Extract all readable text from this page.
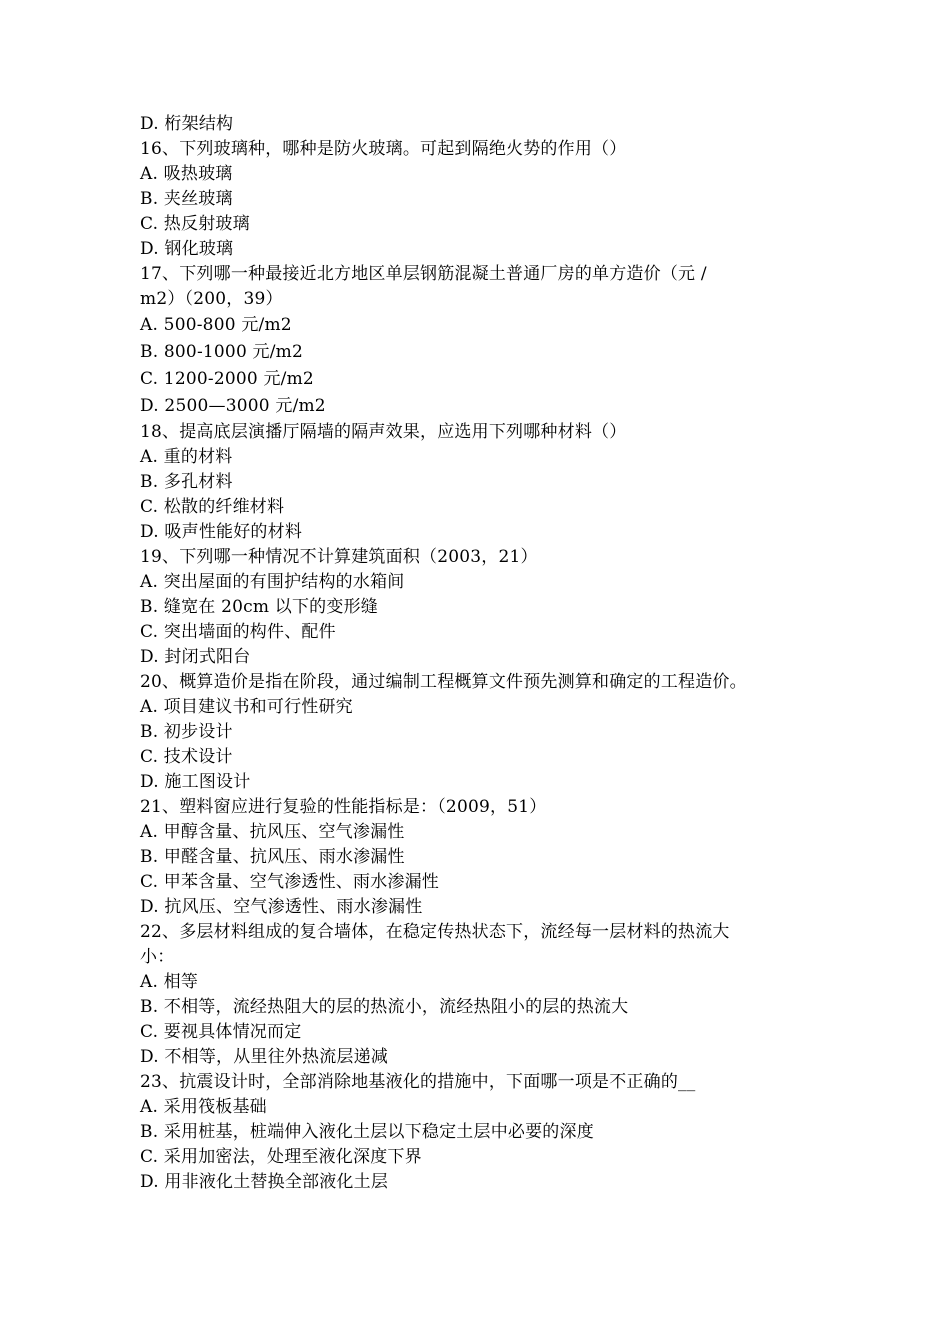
D. 桁架结构
16、下列玻璃种，哪种是防火玻璃。可起到隔绝火势的作用（）
A. 吸热玻璃
B. 夹丝玻璃
C. 热反射玻璃
D. 钢化玻璃
17、下列哪一种最接近北方地区单层钢筋混凝土普通厂房的单方造价（元 /
m2）（200，39）
A. 500-800 元/m2
B. 800-1000 元/m2
C. 1200-2000 元/m2
D. 2500—3000 元/m2
18、提高底层演播厅隔墙的隔声效果，应选用下列哪种材料（）
A. 重的材料
B. 多孔材料
C. 松散的纤维材料
D. 吸声性能好的材料
19、下列哪一种情况不计算建筑面积（2003，21）
A. 突出屋面的有围护结构的水箱间
B. 缝宽在 20cm 以下的变形缝
C. 突出墙面的构件、配件
D. 封闭式阳台
20、概算造价是指在阶段，通过编制工程概算文件预先测算和确定的工程造价。
A. 项目建议书和可行性研究
B. 初步设计
C. 技术设计
D. 施工图设计
21、塑料窗应进行复验的性能指标是：（2009，51）
A. 甲醇含量、抗风压、空气渗漏性
B. 甲醛含量、抗风压、雨水渗漏性
C. 甲苯含量、空气渗透性、雨水渗漏性
D. 抗风压、空气渗透性、雨水渗漏性
22、多层材料组成的复合墙体，在稳定传热状态下，流经每一层材料的热流大
小：
A. 相等
B. 不相等，流经热阻大的层的热流小，流经热阻小的层的热流大
C. 要视具体情况而定
D. 不相等，从里往外热流层递减
23、抗震设计时，全部消除地基液化的措施中，下面哪一项是不正确的__
A. 采用筏板基础
B. 采用桩基，桩端伸入液化土层以下稳定土层中必要的深度
C. 采用加密法，处理至液化深度下界
D. 用非液化土替换全部液化土层
